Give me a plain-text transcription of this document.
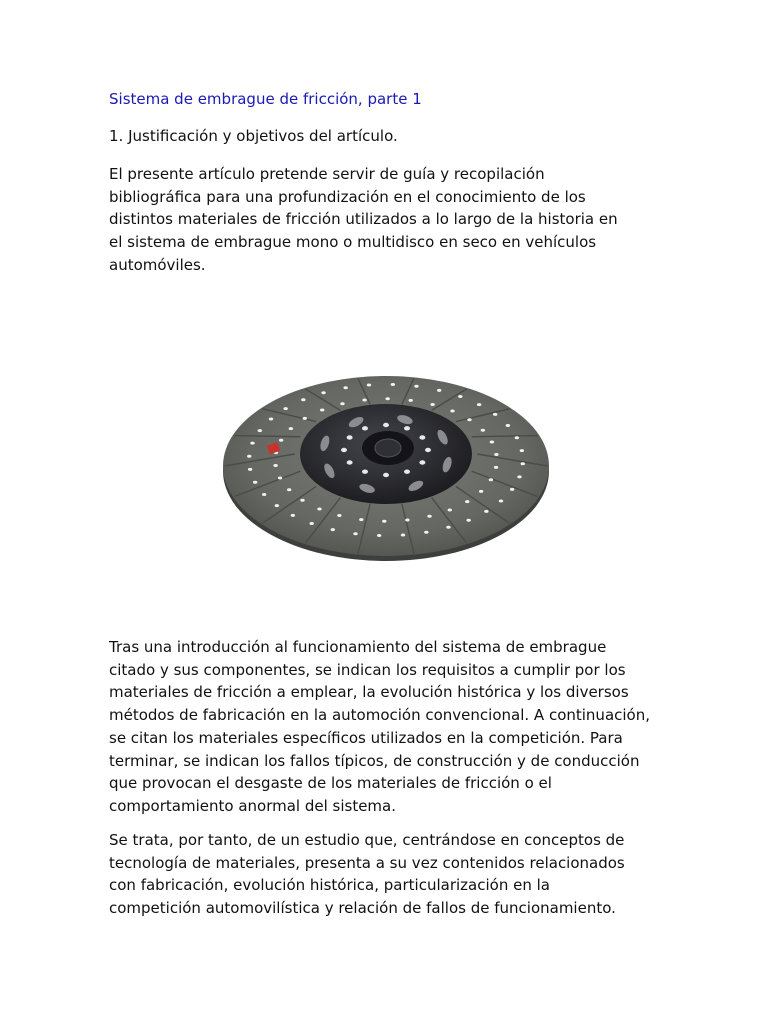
Sistema de embrague de fricción, parte 1
1. Justificación y objetivos del artículo.

El presente artículo pretende servir de guía y recopilación
bibliográfica para una profundización en el conocimiento de los
distintos materiales de fricción utilizados a lo largo de la historia en
el sistema de embrague mono o multidisco en seco en vehículos
automóviles.

Tras una introducción al funcionamiento del sistema de embrague
citado y sus componentes, se indican los requisitos a cumplir por los
materiales de fricción a emplear, la evolución histórica y los diversos
métodos de fabricación en la automoción convencional. A continuación,
se citan los materiales específicos utilizados en la competición. Para
terminar, se indican los fallos típicos, de construcción y de conducción
que provocan el desgaste de los materiales de fricción o el
comportamiento anormal del sistema.

Se trata, por tanto, de un estudio que, centrándose en conceptos de
tecnología de materiales, presenta a su vez contenidos relacionados
con fabricación, evolución histórica, particularización en la
competición automovilística y relación de fallos de funcionamiento.
